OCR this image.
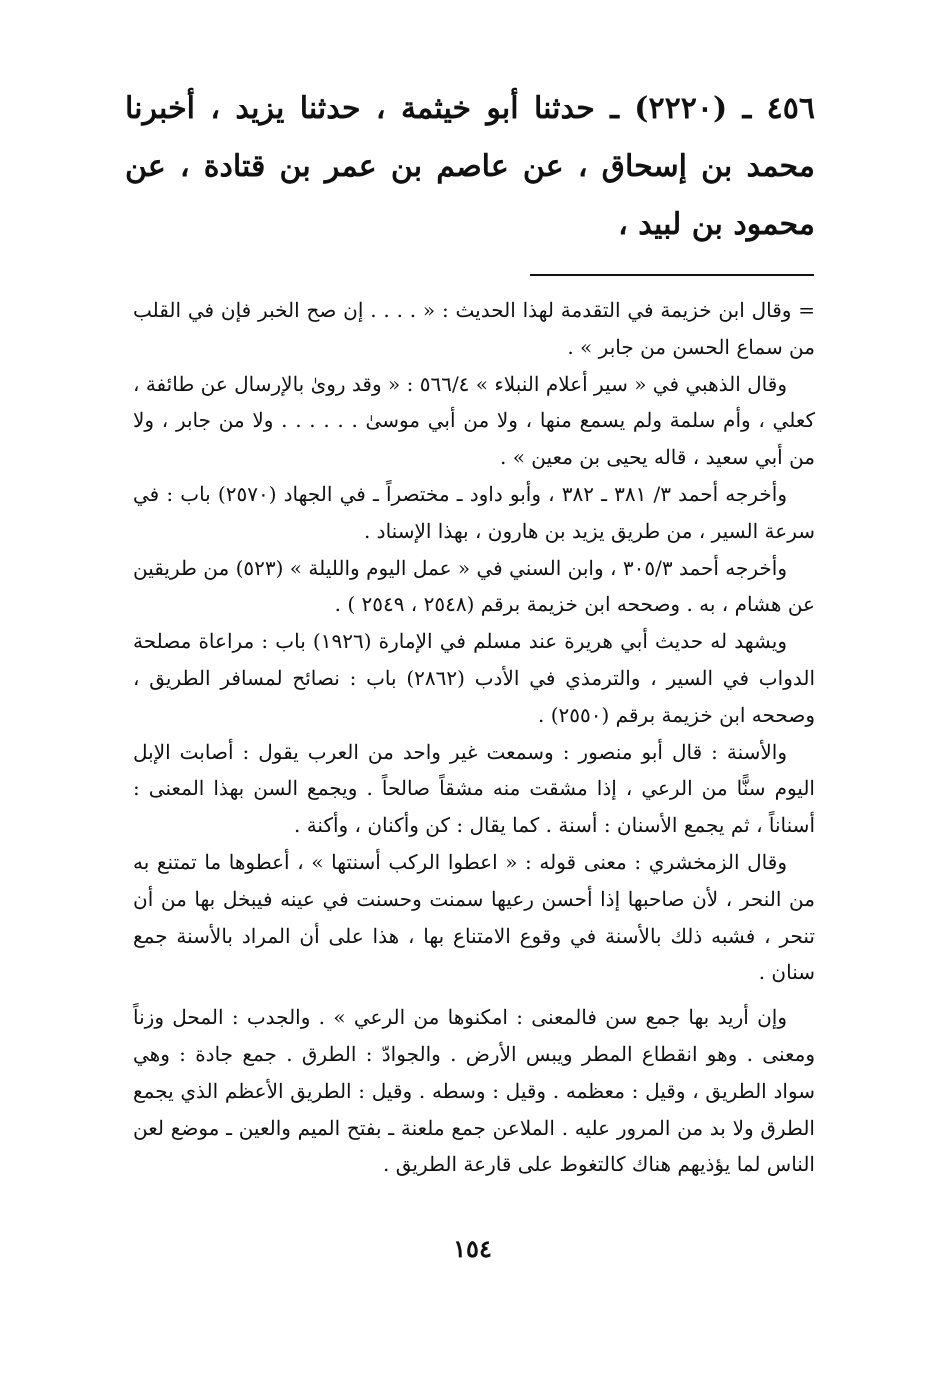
٤٥٦ ـ (٢٢٢٠) ـ حدثنا أبو خيثمة ، حدثنا يزيد ، أخبرنا محمد بن إسحاق ، عن عاصم بن عمر بن قتادة ، عن محمود بن لبيد ،

= وقال ابن خزيمة في التقدمة لهذا الحديث : « . . . . إن صح الخبر فإن في القلب من سماع الحسن من جابر » .

وقال الذهبي في « سير أعلام النبلاء » ٥٦٦/٤ : « وقد روىٰ بالإرسال عن طائفة ، كعلي ، وأم سلمة ولم يسمع منها ، ولا من أبي موسىٰ . . . . . . ولا من جابر ، ولا من أبي سعيد ، قاله يحيى بن معين » .

وأخرجه أحمد ٣/ ٣٨١ ـ ٣٨٢ ، وأبو داود ـ مختصراً ـ في الجهاد (٢٥٧٠) باب : في سرعة السير ، من طريق يزيد بن هارون ، بهذا الإسناد .

وأخرجه أحمد ٣٠٥/٣ ، وابن السني في « عمل اليوم والليلة » (٥٢٣) من طريقين عن هشام ، به . وصححه ابن خزيمة برقم (٢٥٤٨ ، ٢٥٤٩ ) .

ويشهد له حديث أبي هريرة عند مسلم في الإمارة (١٩٢٦) باب : مراعاة مصلحة الدواب في السير ، والترمذي في الأدب (٢٨٦٢) باب : نصائح لمسافر الطريق ، وصححه ابن خزيمة برقم (٢٥٥٠) .

والأسنة : قال أبو منصور : وسمعت غير واحد من العرب يقول : أصابت الإبل اليوم سنًّا من الرعي ، إذا مشقت منه مشقاً صالحاً . ويجمع السن بهذا المعنى : أسناناً ، ثم يجمع الأسنان : أسنة . كما يقال : كن وأكنان ، وأكنة .

وقال الزمخشري : معنى قوله : « اعطوا الركب أسنتها » ، أعطوها ما تمتنع به من النحر ، لأن صاحبها إذا أحسن رعيها سمنت وحسنت في عينه فيبخل بها من أن تنحر ، فشبه ذلك بالأسنة في وقوع الامتناع بها ، هذا على أن المراد بالأسنة جمع سنان .

وإن أريد بها جمع سن فالمعنى : امكنوها من الرعي » . والجدب : المحل وزناً ومعنى . وهو انقطاع المطر ويبس الأرض . والجوادّ : الطرق . جمع جادة : وهي سواد الطريق ، وقيل : معظمه . وقيل : وسطه . وقيل : الطريق الأعظم الذي يجمع الطرق ولا بد من المرور عليه . الملاعن جمع ملعنة ـ بفتح الميم والعين ـ موضع لعن الناس لما يؤذيهم هناك كالتغوط على قارعة الطريق .

١٥٤
